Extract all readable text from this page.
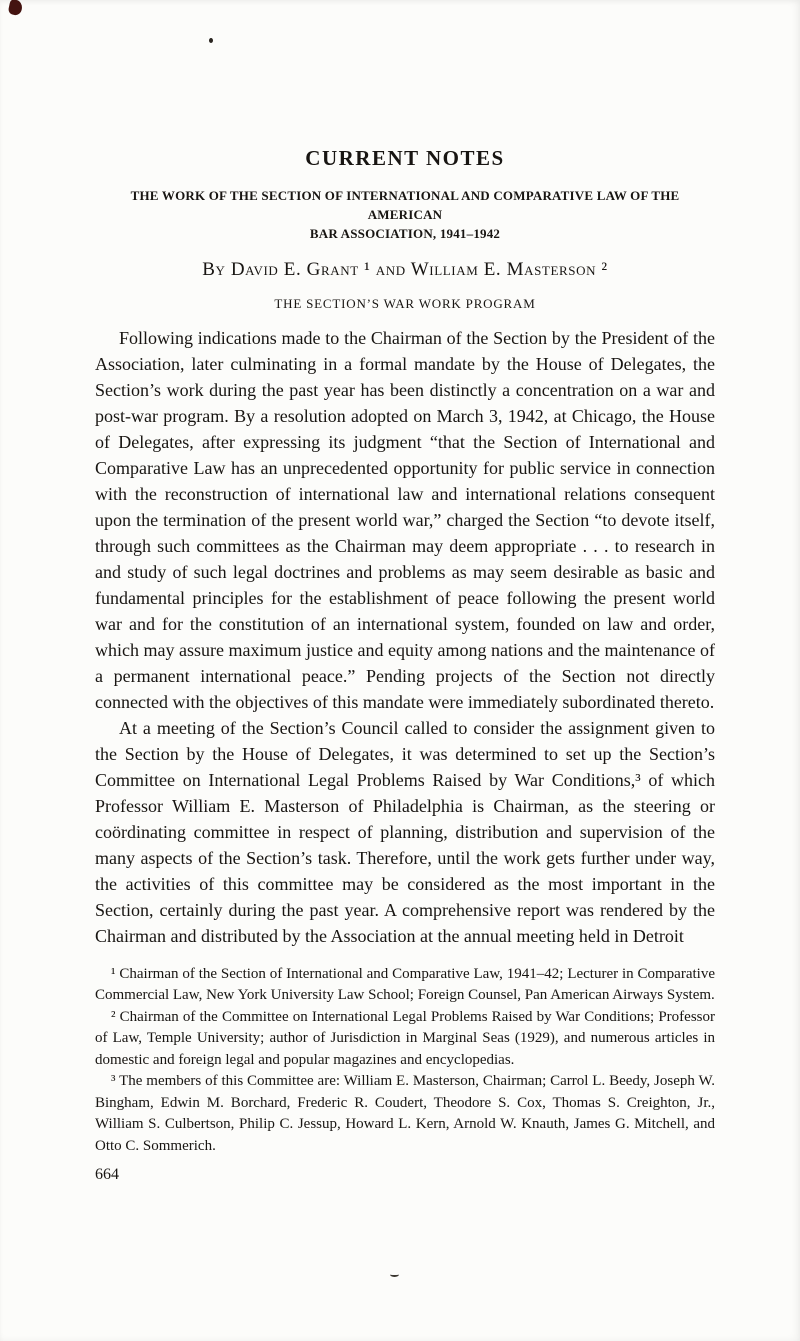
CURRENT NOTES
THE WORK OF THE SECTION OF INTERNATIONAL AND COMPARATIVE LAW OF THE AMERICAN
BAR ASSOCIATION, 1941–1942
By David E. Grant ¹ and William E. Masterson ²
THE SECTION’S WAR WORK PROGRAM

Following indications made to the Chairman of the Section by the President of the Association, later culminating in a formal mandate by the House of Delegates, the Section’s work during the past year has been distinctly a concentration on a war and post-war program. By a resolution adopted on March 3, 1942, at Chicago, the House of Delegates, after expressing its judgment “that the Section of International and Comparative Law has an unprecedented opportunity for public service in connection with the reconstruction of international law and international relations consequent upon the termination of the present world war,” charged the Section “to devote itself, through such committees as the Chairman may deem appropriate . . . to research in and study of such legal doctrines and problems as may seem desirable as basic and fundamental principles for the establishment of peace following the present world war and for the constitution of an international system, founded on law and order, which may assure maximum justice and equity among nations and the maintenance of a permanent international peace.” Pending projects of the Section not directly connected with the objectives of this mandate were immediately subordinated thereto.

At a meeting of the Section’s Council called to consider the assignment given to the Section by the House of Delegates, it was determined to set up the Section’s Committee on International Legal Problems Raised by War Conditions,³ of which Professor William E. Masterson of Philadelphia is Chairman, as the steering or coördinating committee in respect of planning, distribution and supervision of the many aspects of the Section’s task. Therefore, until the work gets further under way, the activities of this committee may be considered as the most important in the Section, certainly during the past year. A comprehensive report was rendered by the Chairman and distributed by the Association at the annual meeting held in Detroit

¹ Chairman of the Section of International and Comparative Law, 1941–42; Lecturer in Comparative Commercial Law, New York University Law School; Foreign Counsel, Pan American Airways System.

² Chairman of the Committee on International Legal Problems Raised by War Conditions; Professor of Law, Temple University; author of Jurisdiction in Marginal Seas (1929), and numerous articles in domestic and foreign legal and popular magazines and encyclopedias.

³ The members of this Committee are: William E. Masterson, Chairman; Carrol L. Beedy, Joseph W. Bingham, Edwin M. Borchard, Frederic R. Coudert, Theodore S. Cox, Thomas S. Creighton, Jr., William S. Culbertson, Philip C. Jessup, Howard L. Kern, Arnold W. Knauth, James G. Mitchell, and Otto C. Sommerich.

664
